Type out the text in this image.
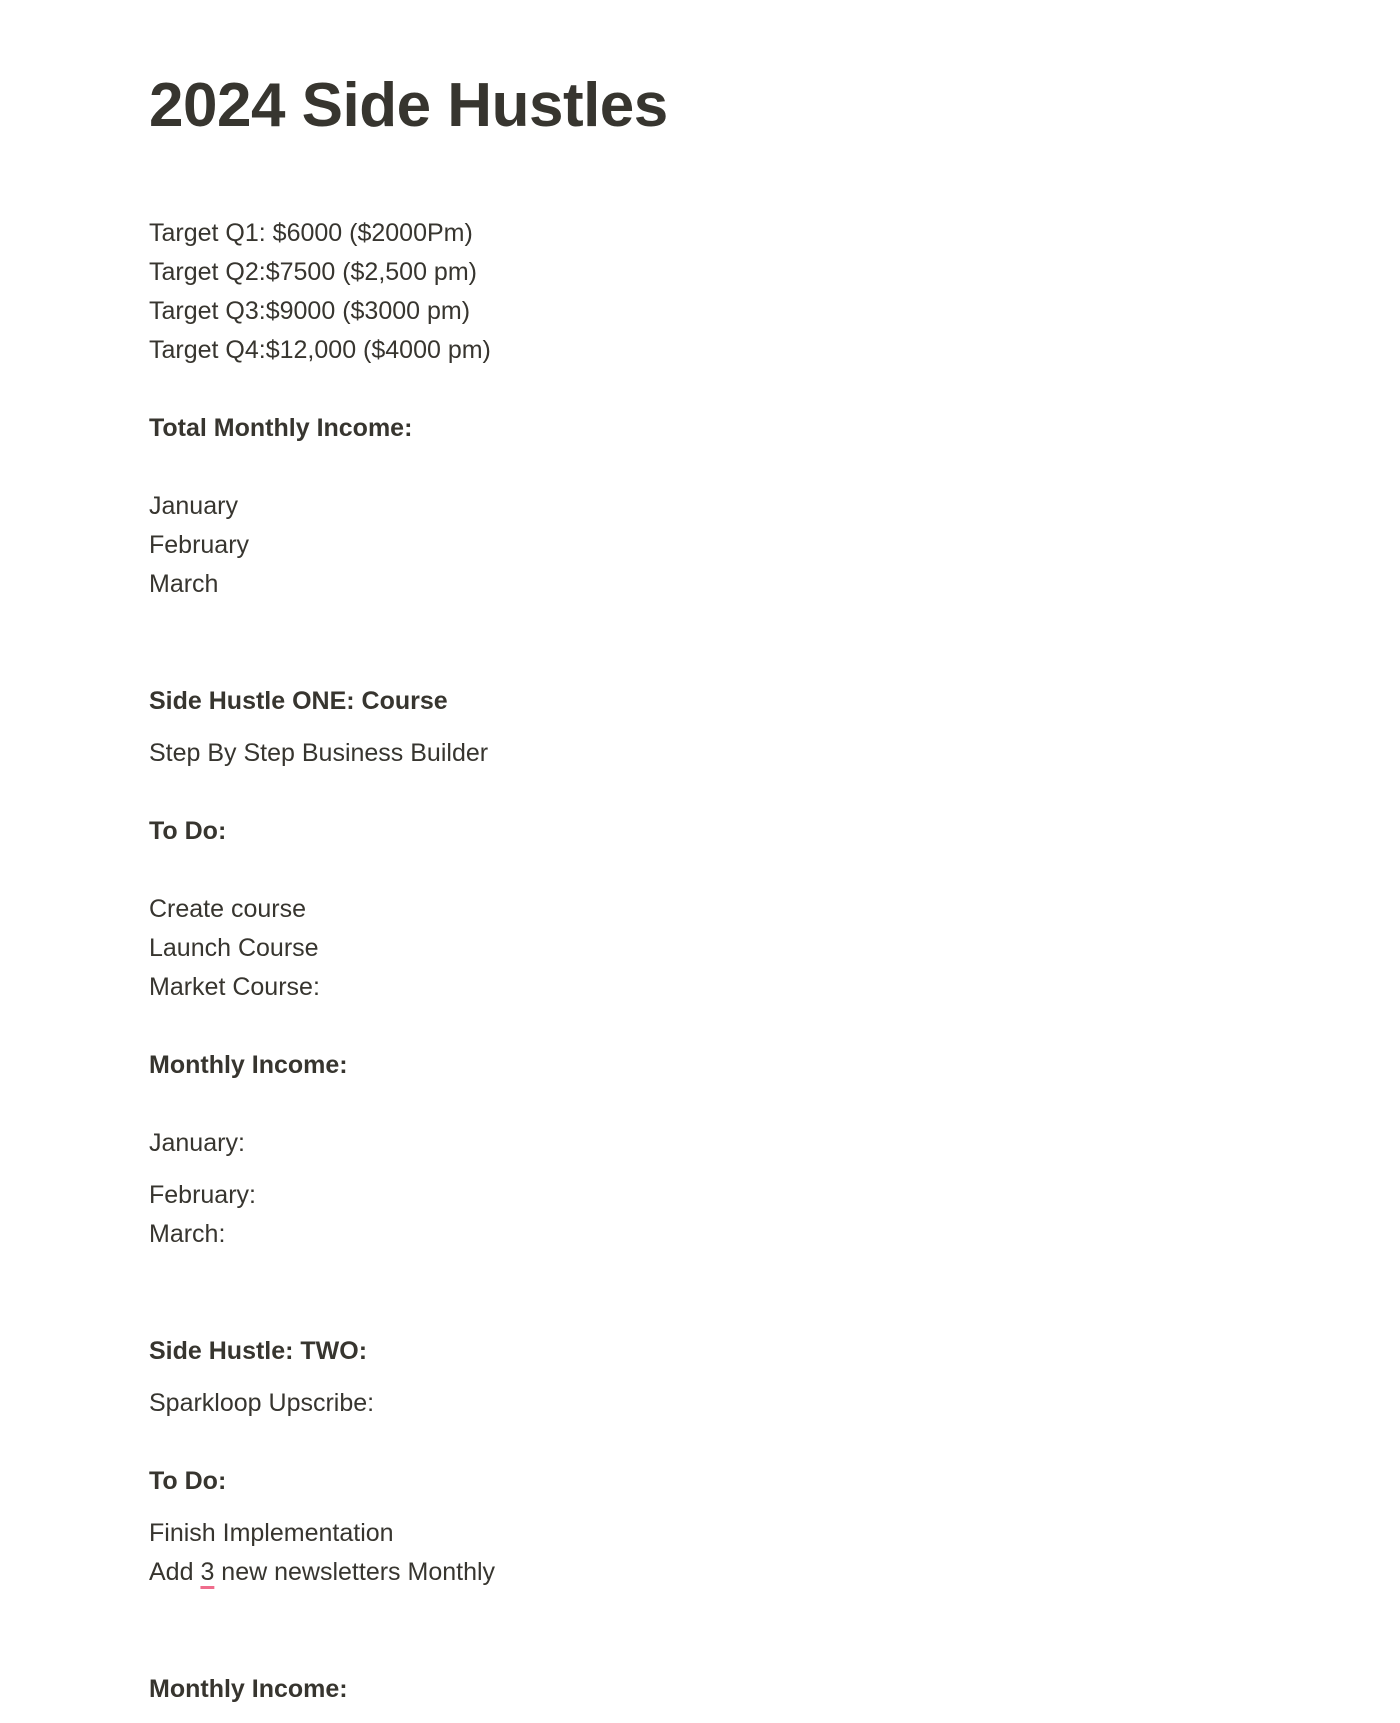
2024 Side Hustles

Target Q1: $6000 ($2000Pm)

Target Q2:$7500 ($2,500 pm)

Target Q3:$9000 ($3000 pm)

Target Q4:$12,000 ($4000 pm)

Total Monthly Income:

January

February

March

Side Hustle ONE: Course

Step By Step Business Builder

To Do:

Create course

Launch Course

Market Course:

Monthly Income:

January:

February:

March:

Side Hustle: TWO:

Sparkloop Upscribe:

To Do:

Finish Implementation

Add 3 new newsletters Monthly

Monthly Income:
